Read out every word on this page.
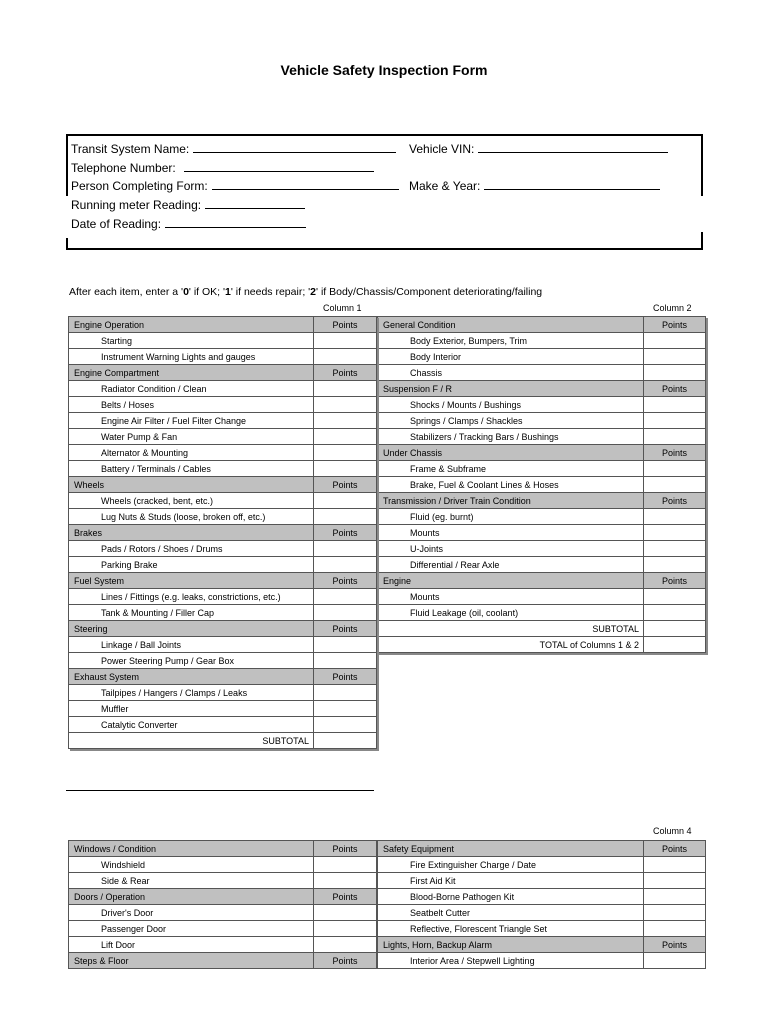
Vehicle Safety Inspection Form
Transit System Name:	Vehicle VIN:
Telephone Number:
Person Completing Form:	Make & Year:
Running meter Reading:
Date of Reading:
After each item, enter a '0' if OK; '1' if needs repair; '2' if Body/Chassis/Component deteriorating/failing
Column 1	Column 2
Engine Operation	Points
Starting	
Instrument Warning Lights and gauges	
Engine Compartment	Points
Radiator Condition / Clean	
Belts / Hoses	
Engine Air Filter / Fuel Filter Change	
Water Pump & Fan	
Alternator & Mounting	
Battery / Terminals / Cables	
Wheels	Points
Wheels (cracked, bent, etc.)	
Lug Nuts & Studs (loose, broken off, etc.)	
Brakes	Points
Pads / Rotors / Shoes / Drums	
Parking Brake	
Fuel System	Points
Lines / Fittings (e.g. leaks, constrictions, etc.)	
Tank & Mounting / Filler Cap	
Steering	Points
Linkage / Ball Joints	
Power Steering Pump / Gear Box	
Exhaust System	Points
Tailpipes / Hangers / Clamps / Leaks	
Muffler	
Catalytic Converter	
SUBTOTAL	
General Condition	Points
Body Exterior, Bumpers, Trim	
Body Interior	
Chassis	
Suspension F / R	Points
Shocks / Mounts / Bushings	
Springs / Clamps / Shackles	
Stabilizers / Tracking Bars / Bushings	
Under Chassis	Points
Frame & Subframe	
Brake, Fuel & Coolant Lines & Hoses	
Transmission / Driver Train Condition	Points
Fluid (eg. burnt)	
Mounts	
U-Joints	
Differential / Rear Axle	
Engine	Points
Mounts	
Fluid Leakage (oil, coolant)	
SUBTOTAL	
TOTAL of Columns 1 & 2	
Column 4
Windows / Condition	Points
Windshield	
Side & Rear	
Doors / Operation	Points
Driver's Door	
Passenger Door	
Lift Door	
Steps & Floor	Points
Safety Equipment	Points
Fire Extinguisher Charge / Date	
First Aid Kit	
Blood-Borne Pathogen Kit	
Seatbelt Cutter	
Reflective, Florescent Triangle Set	
Lights, Horn, Backup Alarm	Points
Interior Area / Stepwell Lighting	
